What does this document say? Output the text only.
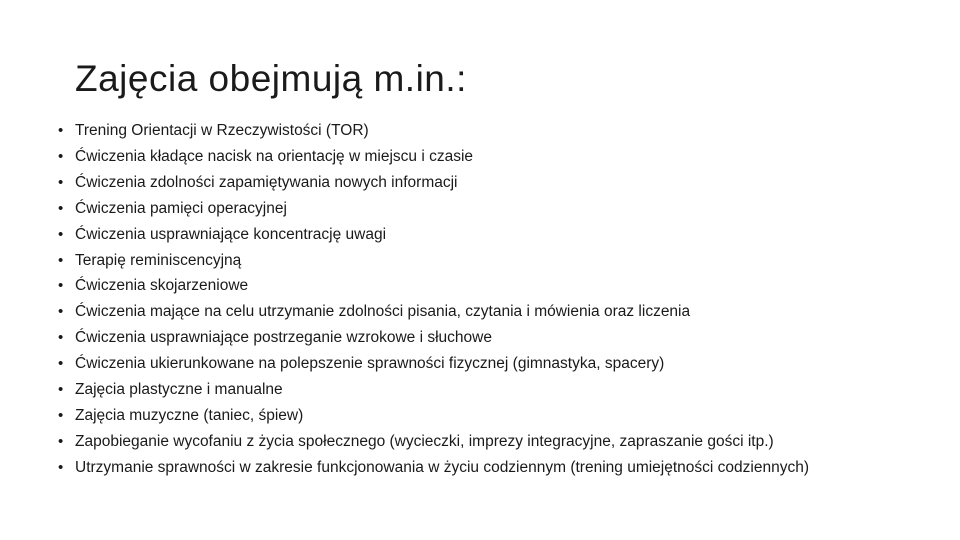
Zajęcia obejmują m.in.:
• Trening Orientacji w Rzeczywistości (TOR)
• Ćwiczenia kładące nacisk na orientację w miejscu i czasie
• Ćwiczenia zdolności zapamiętywania nowych informacji
• Ćwiczenia pamięci operacyjnej
• Ćwiczenia usprawniające koncentrację uwagi
• Terapię reminiscencyjną
• Ćwiczenia skojarzeniowe
• Ćwiczenia mające na celu utrzymanie zdolności pisania, czytania i mówienia oraz liczenia
• Ćwiczenia usprawniające postrzeganie wzrokowe i słuchowe
• Ćwiczenia ukierunkowane na polepszenie sprawności fizycznej (gimnastyka, spacery)
• Zajęcia plastyczne i manualne
• Zajęcia muzyczne (taniec, śpiew)
• Zapobieganie wycofaniu z życia społecznego (wycieczki, imprezy integracyjne, zapraszanie gości itp.)
• Utrzymanie sprawności w zakresie funkcjonowania w życiu codziennym (trening umiejętności codziennych)
